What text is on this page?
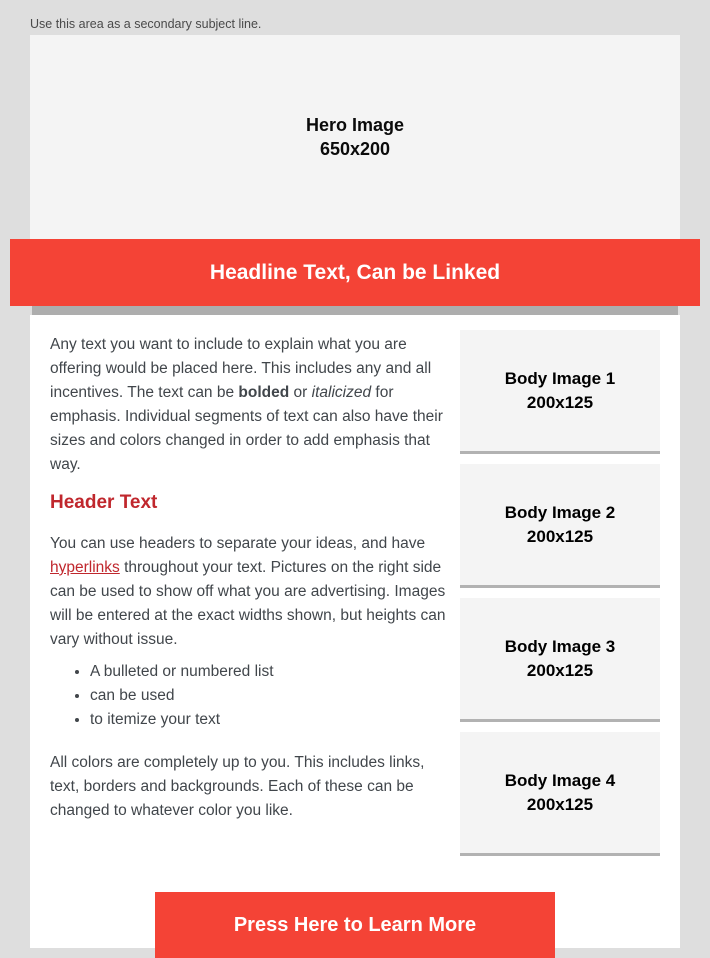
Use this area as a secondary subject line.
Hero Image
650x200
Headline Text, Can be Linked

Any text you want to include to explain what you are offering would be placed here. This includes any and all incentives. The text can be bolded or italicized for emphasis. Individual segments of text can also have their sizes and colors changed in order to add emphasis that way.

Header Text

You can use headers to separate your ideas, and have hyperlinks throughout your text. Pictures on the right side can be used to show off what you are advertising. Images will be entered at the exact widths shown, but heights can vary without issue.

• A bulleted or numbered list
• can be used
• to itemize your text

All colors are completely up to you. This includes links, text, borders and backgrounds. Each of these can be changed to whatever color you like.

Body Image 1
200x125
Body Image 2
200x125
Body Image 3
200x125
Body Image 4
200x125
Press Here to Learn More
